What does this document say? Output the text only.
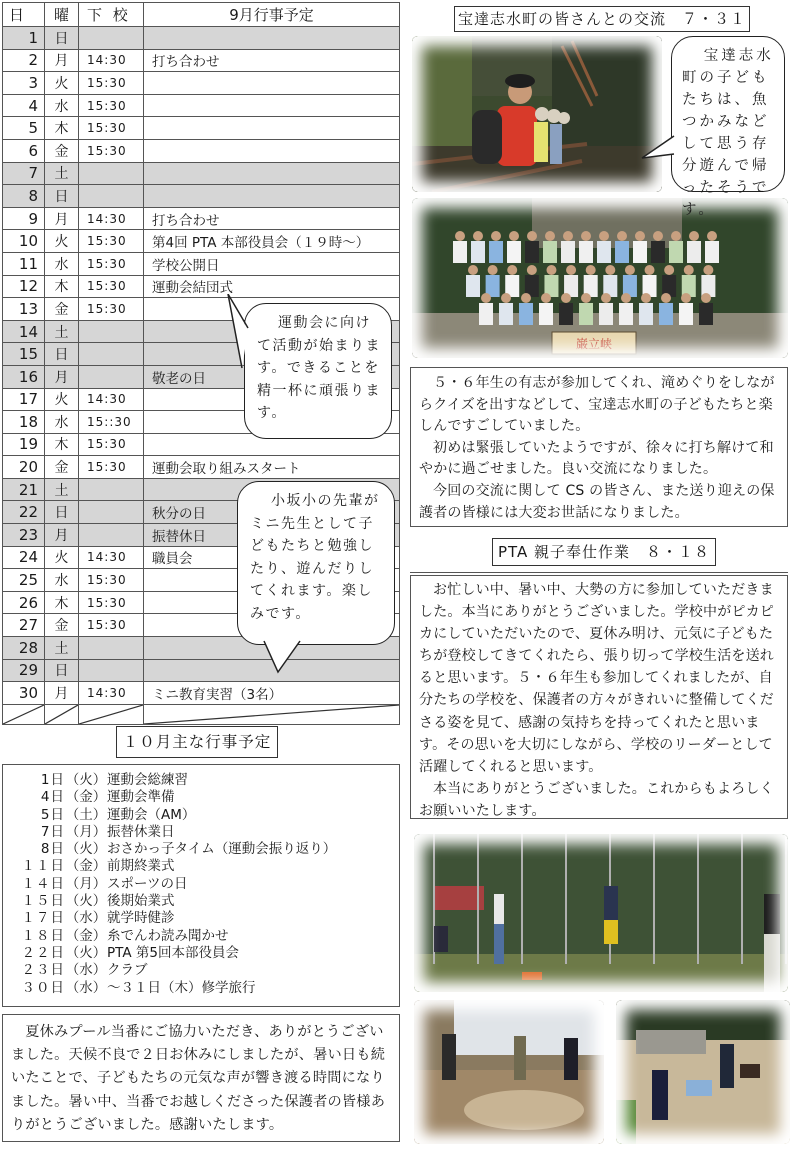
日	曜	下 校	9月行事予定
1	日		
2	月	14:30	打ち合わせ
3	火	15:30	
4	水	15:30	
5	木	15:30	
6	金	15:30	
7	土		
8	日		
9	月	14:30	打ち合わせ
10	火	15:30	第4回 PTA 本部役員会（１９時〜）
11	水	15:30	学校公開日
12	木	15:30	運動会結団式
13	金	15:30	
14	土		
15	日		
16	月		敬老の日
17	火	14:30	
18	水	15::30	
19	木	15:30	
20	金	15:30	運動会取り組みスタート
21	土		
22	日		秋分の日
23	月		振替休日
24	火	14:30	職員会
25	水	15:30	
26	木	15:30	
27	金	15:30	
28	土		
29	日		
30	月	14:30	ミニ教育実習（3名）

運動会に向けて活動が始まります。できることを精一杯に頑張ります。
小坂小の先輩がミニ先生として子どもたちと勉強したり、遊んだりしてくれます。楽しみです。
１０月主な行事予定
1日 （火） 運動会総練習
4日 （金） 運動会準備
5日 （土） 運動会（AM）
7日 （月） 振替休業日
8日 （火） おさかっ子タイム（運動会振り返り）
１１日 （金） 前期終業式
１４日 （月） スポーツの日
１５日 （火） 後期始業式
１７日 （水） 就学時健診
１８日 （金） 糸でんわ読み聞かせ
２２日 （火） PTA 第5回本部役員会
２３日 （水） クラブ
３０日 （水） 〜３１日（木）修学旅行

夏休みプール当番にご協力いただき、ありがとうございました。天候不良で２日お休みにしましたが、暑い日も続いたことで、子どもたちの元気な声が響き渡る時間になりました。暑い中、当番でお越しくださった保護者の皆様ありがとうございました。感謝いたします。

宝達志水町の皆さんとの交流　７・３１
宝達志水町の子どもたちは、魚つかみなどして思う存分遊んで帰ったそうです。
巌立峡

５・６年生の有志が参加してくれ、滝めぐりをしながらクイズを出すなどして、宝達志水町の子どもたちと楽しんですごしていました。

初めは緊張していたようですが、徐々に打ち解けて和やかに過ごせました。良い交流になりました。

今回の交流に関して CS の皆さん、また送り迎えの保護者の皆様には大変お世話になりました。

PTA 親子奉仕作業　８・１８

お忙しい中、暑い中、大勢の方に参加していただきました。本当にありがとうございました。学校中がピカピカにしていただいたので、夏休み明け、元気に子どもたちが登校してきてくれたら、張り切って学校生活を送れると思います。５・６年生も参加してくれましたが、自分たちの学校を、保護者の方々がきれいに整備してくださる姿を見て、感謝の気持ちを持ってくれたと思います。その思いを大切にしながら、学校のリーダーとして活躍してくれると思います。

本当にありがとうございました。これからもよろしくお願いいたします。
